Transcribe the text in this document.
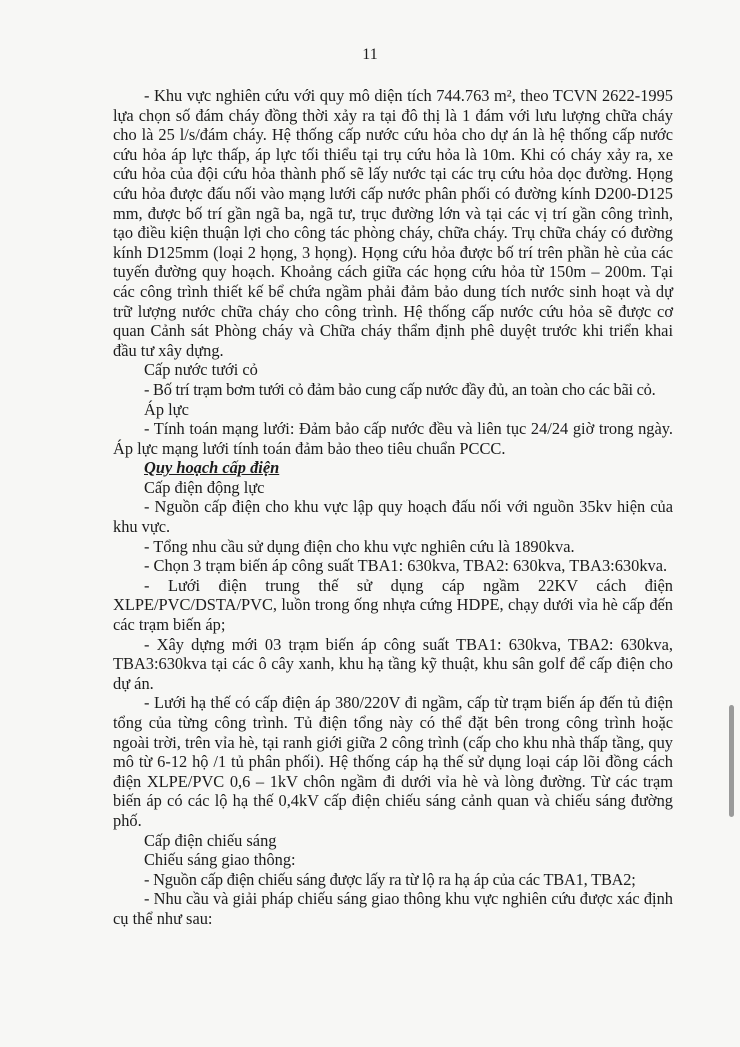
11

- Khu vực nghiên cứu với quy mô diện tích 744.763 m², theo TCVN 2622-1995 lựa chọn số đám cháy đồng thời xảy ra tại đô thị là 1 đám với lưu lượng chữa cháy cho là 25 l/s/đám cháy. Hệ thống cấp nước cứu hỏa cho dự án là hệ thống cấp nước cứu hỏa áp lực thấp, áp lực tối thiểu tại trụ cứu hỏa là 10m. Khi có cháy xảy ra, xe cứu hỏa của đội cứu hỏa thành phố sẽ lấy nước tại các trụ cứu hỏa dọc đường. Họng cứu hỏa được đấu nối vào mạng lưới cấp nước phân phối có đường kính D200-D125 mm, được bố trí gần ngã ba, ngã tư, trục đường lớn và tại các vị trí gần công trình, tạo điều kiện thuận lợi cho công tác phòng cháy, chữa cháy. Trụ chữa cháy có đường kính D125mm (loại 2 họng, 3 họng). Họng cứu hỏa được bố trí trên phần hè của các tuyến đường quy hoạch. Khoảng cách giữa các họng cứu hỏa từ 150m – 200m. Tại các công trình thiết kế bể chứa ngầm phải đảm bảo dung tích nước sinh hoạt và dự trữ lượng nước chữa cháy cho công trình. Hệ thống cấp nước cứu hỏa sẽ được cơ quan Cảnh sát Phòng cháy và Chữa cháy thẩm định phê duyệt trước khi triển khai đầu tư xây dựng.

Cấp nước tưới cỏ

- Bố trí trạm bơm tưới cỏ đảm bảo cung cấp nước đầy đủ, an toàn cho các bãi cỏ.

Áp lực

- Tính toán mạng lưới: Đảm bảo cấp nước đều và liên tục 24/24 giờ trong ngày. Áp lực mạng lưới tính toán đảm bảo theo tiêu chuẩn PCCC.

Quy hoạch cấp điện

Cấp điện động lực

- Nguồn cấp điện cho khu vực lập quy hoạch đấu nối với nguồn 35kv hiện của khu vực.

- Tổng nhu cầu sử dụng điện cho khu vực nghiên cứu là 1890kva.

- Chọn 3 trạm biến áp công suất TBA1: 630kva, TBA2: 630kva, TBA3:630kva.

- Lưới điện trung thế sử dụng cáp ngầm 22KV cách điện XLPE/PVC/DSTA/PVC, luồn trong ống nhựa cứng HDPE, chạy dưới vỉa hè cấp đến các trạm biến áp;

- Xây dựng mới 03 trạm biến áp công suất TBA1: 630kva, TBA2: 630kva, TBA3:630kva tại các ô cây xanh, khu hạ tầng kỹ thuật, khu sân golf để cấp điện cho dự án.

- Lưới hạ thế có cấp điện áp 380/220V đi ngầm, cấp từ trạm biến áp đến tủ điện tổng của từng công trình. Tủ điện tổng này có thể đặt bên trong công trình hoặc ngoài trời, trên vỉa hè, tại ranh giới giữa 2 công trình (cấp cho khu nhà thấp tầng, quy mô từ 6-12 hộ /1 tủ phân phối). Hệ thống cáp hạ thế sử dụng loại cáp lõi đồng cách điện XLPE/PVC 0,6 – 1kV chôn ngầm đi dưới vỉa hè và lòng đường. Từ các trạm biến áp có các lộ hạ thế 0,4kV cấp điện chiếu sáng cảnh quan và chiếu sáng đường phố.

Cấp điện chiếu sáng

Chiếu sáng giao thông:

- Nguồn cấp điện chiếu sáng được lấy ra từ lộ ra hạ áp của các TBA1, TBA2;

- Nhu cầu và giải pháp chiếu sáng giao thông khu vực nghiên cứu được xác định cụ thể như sau:
